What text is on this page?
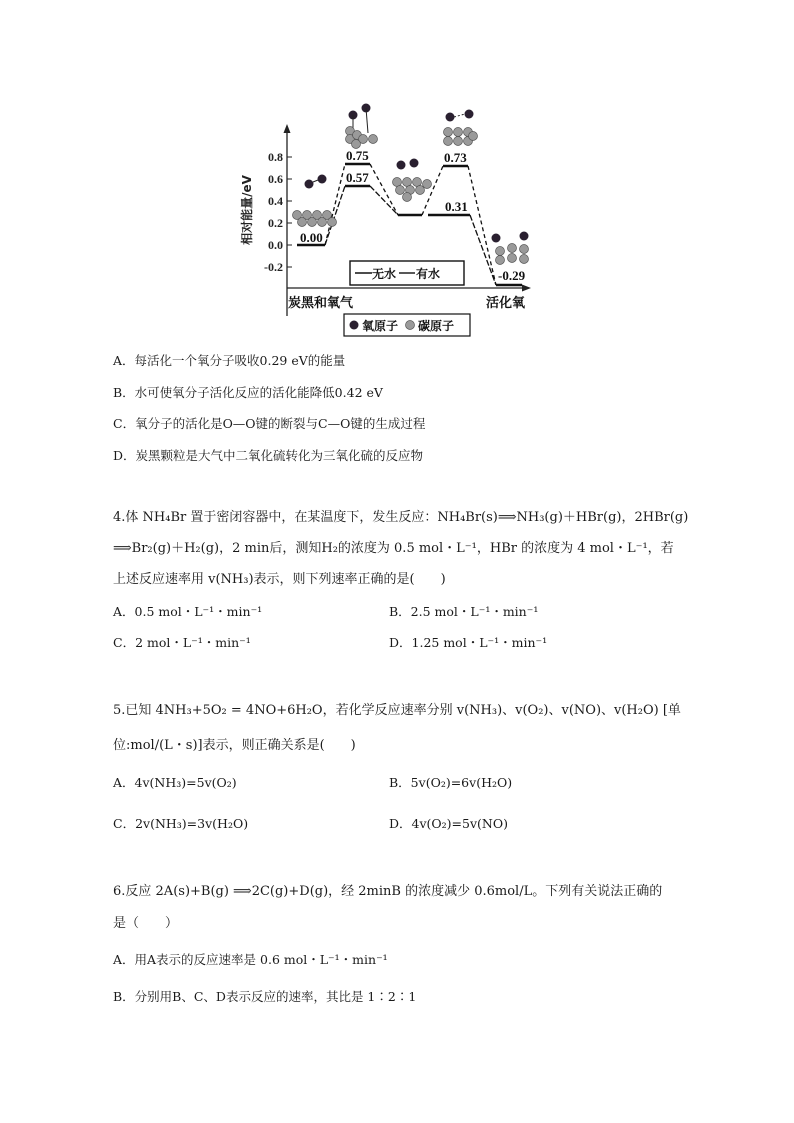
0.8
0.6
0.4
0.2
0.0
-0.2
相对能量/eV	0.00
0.75
0.57
0.73
0.31
-0.29
无水 有水
炭黑和氧气	活化氧
氧原子 碳原子
A．每活化一个氧分子吸收0.29 eV的能量
B．水可使氧分子活化反应的活化能降低0.42 eV
C．氧分子的活化是O—O键的断裂与C—O键的生成过程
D．炭黑颗粒是大气中二氧化硫转化为三氧化硫的反应物
4.体 NH₄Br 置于密闭容器中，在某温度下，发生反应：NH₄Br(s)⟹NH₃(g)＋HBr(g)，2HBr(g)
⟹Br₂(g)＋H₂(g)，2 min后，测知H₂的浓度为 0.5 mol・L⁻¹，HBr 的浓度为 4 mol・L⁻¹，若
上述反应速率用 v(NH₃)表示，则下列速率正确的是(　　)
A．0.5 mol・L⁻¹・min⁻¹	B．2.5 mol・L⁻¹・min⁻¹
C．2 mol・L⁻¹・min⁻¹	D．1.25 mol・L⁻¹・min⁻¹
5.已知 4NH₃+5O₂ = 4NO+6H₂O，若化学反应速率分别 v(NH₃)、v(O₂)、v(NO)、v(H₂O) [单
位:mol/(L・s)]表示，则正确关系是(　　)
A．4v(NH₃)=5v(O₂)	B．5v(O₂)=6v(H₂O)
C．2v(NH₃)=3v(H₂O)	D．4v(O₂)=5v(NO)
6.反应 2A(s)+B(g) ⟹2C(g)+D(g)，经 2minB 的浓度减少 0.6mol/L。下列有关说法正确的
是（　　）
A．用A表示的反应速率是 0.6 mol・L⁻¹・min⁻¹
B．分别用B、C、D表示反应的速率，其比是 1∶2∶1
